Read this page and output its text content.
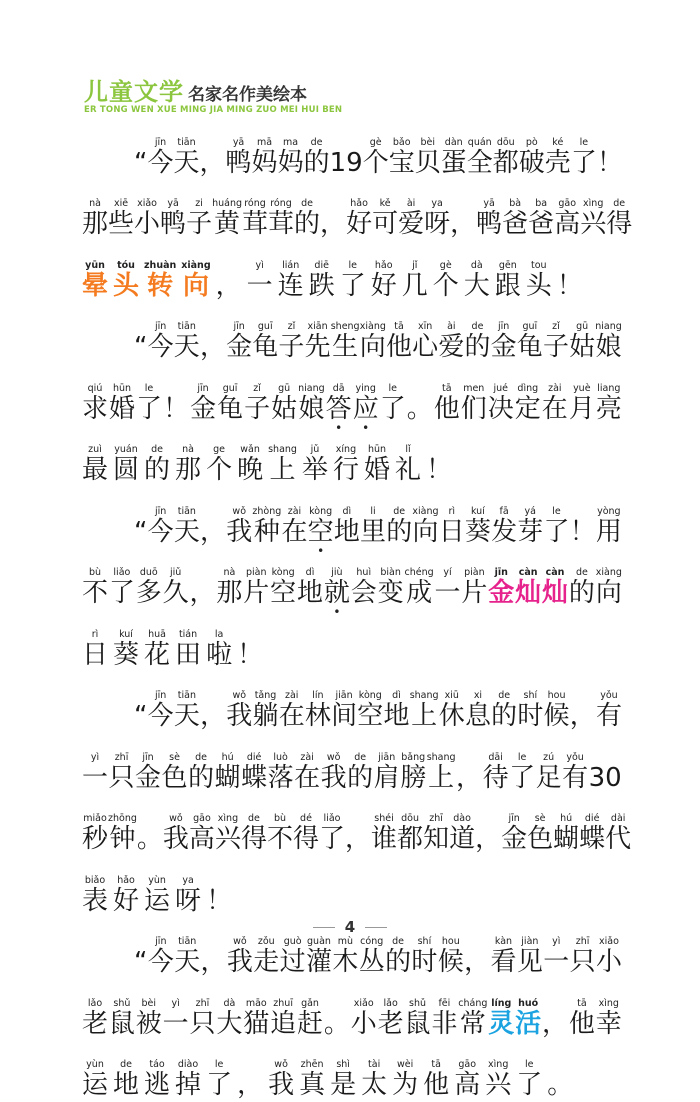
儿童文学 名家名作美绘本
ER TONG WEN XUE MING JIA MING ZUO MEI HUI BEN
“ 今jīn
天tiān
， 鸭yā
妈mā
妈ma
的de
19 个gè
宝bǎo
贝bèi
蛋dàn
全quán
都dōu
破pò
壳ké
了le
！
那nà
些xiē
小xiǎo
鸭yā
子zi
黄huáng
茸róng
茸róng
的de
， 好hǎo
可kě
爱ài
呀ya
， 鸭yā
爸bà
爸ba
高gāo
兴xìng
得de
晕yūn
头tóu
转zhuàn
向xiàng
， 一yì
连lián
跌diē
了le
好hǎo
几jǐ
个gè
大dà
跟gēn
头tou
！
“ 今jīn
天tiān
， 金jīn
龟guī
子zǐ
先xiān
生sheng
向xiàng
他tā
心xīn
爱ài
的de
金jīn
龟guī
子zǐ
姑gū
娘niang
求qiú
婚hūn
了le
！ 金jīn
龟guī
子zǐ
姑gū
娘niang
答dā •
应ying •
了le
。 他tā
们men
决jué
定dìng
在zài
月yuè
亮liang
最zuì
圆yuán
的de
那nà
个ge
晚wǎn
上shang
举jǔ
行xíng
婚hūn
礼lǐ
！
“ 今jīn
天tiān
， 我wǒ
种zhòng
在zài
空kòng •
地dì
里li
的de
向xiàng
日rì
葵kuí
发fā
芽yá
了le
！ 用yòng
不bù
了liǎo
多duō
久jiǔ
， 那nà
片piàn
空kòng
地dì
就jiù •
会huì
变biàn
成chéng
一yí
片piàn
金jīn
灿càn
灿càn
的de
向xiàng
日rì
葵kuí
花huā
田tián
啦la
！
“ 今jīn
天tiān
， 我wǒ
躺tǎng
在zài
林lín
间jiān
空kòng
地dì
上shang
休xiū
息xi
的de
时shí
候hou
， 有yǒu
一yì
只zhī
金jīn
色sè
的de
蝴hú
蝶dié
落luò
在zài
我wǒ
的de
肩jiān
膀bǎng
上shang
， 待dāi
了le
足zú
有yǒu
30
秒miǎo
钟zhōng
。 我wǒ
高gāo
兴xìng
得de
不bù
得dé
了liǎo
， 谁shéi
都dōu
知zhī
道dào
， 金jīn
色sè
蝴hú
蝶dié
代dài
表biǎo
好hǎo
运yùn
呀ya
！
“ 今jīn
天tiān
， 我wǒ
走zǒu
过guò
灌guàn
木mù
丛cóng
的de
时shí
候hou
， 看kàn
见jiàn
一yì
只zhī
小xiǎo
老lǎo
鼠shǔ
被bèi
一yì
只zhī
大dà
猫māo
追zhuī
赶gǎn
。 小xiǎo
老lǎo
鼠shǔ
非fēi
常cháng
灵líng
活huó
， 他tā
幸xìng
运yùn
地de
逃táo
掉diào
了le
， 我wǒ
真zhēn
是shì
太tài
为wèi
他tā
高gāo
兴xìng
了le
。
4
